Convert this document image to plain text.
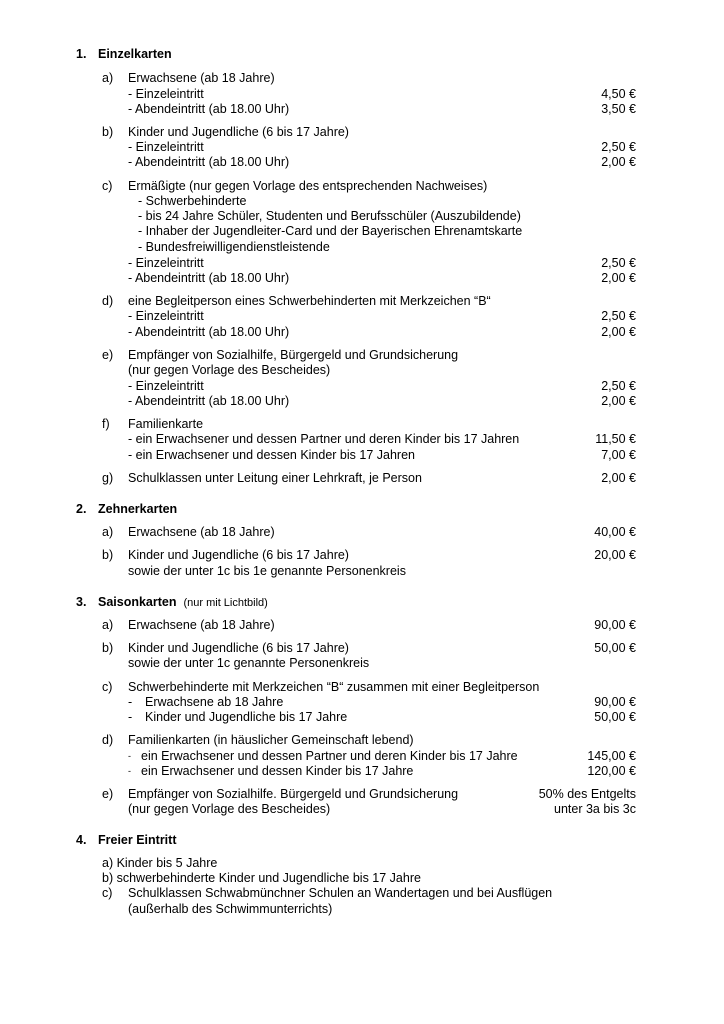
1. Einzelkarten
a) Erwachsene (ab 18 Jahre)
- Einzeleintritt	4,50 €
- Abendeintritt (ab 18.00 Uhr)	3,50 €
b) Kinder und Jugendliche (6 bis 17 Jahre)
- Einzeleintritt	2,50 €
- Abendeintritt (ab 18.00 Uhr)	2,00 €
c) Ermäßigte (nur gegen Vorlage des entsprechenden Nachweises)
- Schwerbehinderte
- bis 24 Jahre Schüler, Studenten und Berufsschüler (Auszubildende)
- Inhaber der Jugendleiter-Card und der Bayerischen Ehrenamtskarte
- Bundesfreiwilligendienstleistende
- Einzeleintritt	2,50 €
- Abendeintritt (ab 18.00 Uhr)	2,00 €
d) eine Begleitperson eines Schwerbehinderten mit Merkzeichen “B“
- Einzeleintritt	2,50 €
- Abendeintritt (ab 18.00 Uhr)	2,00 €
e) Empfänger von Sozialhilfe, Bürgergeld und Grundsicherung
(nur gegen Vorlage des Bescheides)
- Einzeleintritt	2,50 €
- Abendeintritt (ab 18.00 Uhr)	2,00 €
f) Familienkarte
- ein Erwachsener und dessen Partner und deren Kinder bis 17 Jahren	11,50 €
- ein Erwachsener und dessen Kinder bis 17 Jahren	7,00 €
g) Schulklassen unter Leitung einer Lehrkraft, je Person	2,00 €
2. Zehnerkarten
a) Erwachsene (ab 18 Jahre)	40,00 €
b) Kinder und Jugendliche (6 bis 17 Jahre)	20,00 €
sowie der unter 1c bis 1e genannte Personenkreis
3. Saisonkarten (nur mit Lichtbild)
a) Erwachsene (ab 18 Jahre)	90,00 €
b) Kinder und Jugendliche (6 bis 17 Jahre)	50,00 €
sowie der unter 1c genannte Personenkreis
c) Schwerbehinderte mit Merkzeichen “B“ zusammen mit einer Begleitperson
- Erwachsene ab 18 Jahre	90,00 €
- Kinder und Jugendliche bis 17 Jahre	50,00 €
d) Familienkarten (in häuslicher Gemeinschaft lebend)
- ein Erwachsener und dessen Partner und deren Kinder bis 17 Jahre	145,00 €
- ein Erwachsener und dessen Kinder bis 17 Jahre	120,00 €
e) Empfänger von Sozialhilfe. Bürgergeld und Grundsicherung	50% des Entgelts
(nur gegen Vorlage des Bescheides)	unter 3a bis 3c
4. Freier Eintritt
a) Kinder bis 5 Jahre
b) schwerbehinderte Kinder und Jugendliche bis 17 Jahre
c) Schulklassen Schwabmünchner Schulen an Wandertagen und bei Ausflügen
(außerhalb des Schwimmunterrichts)
